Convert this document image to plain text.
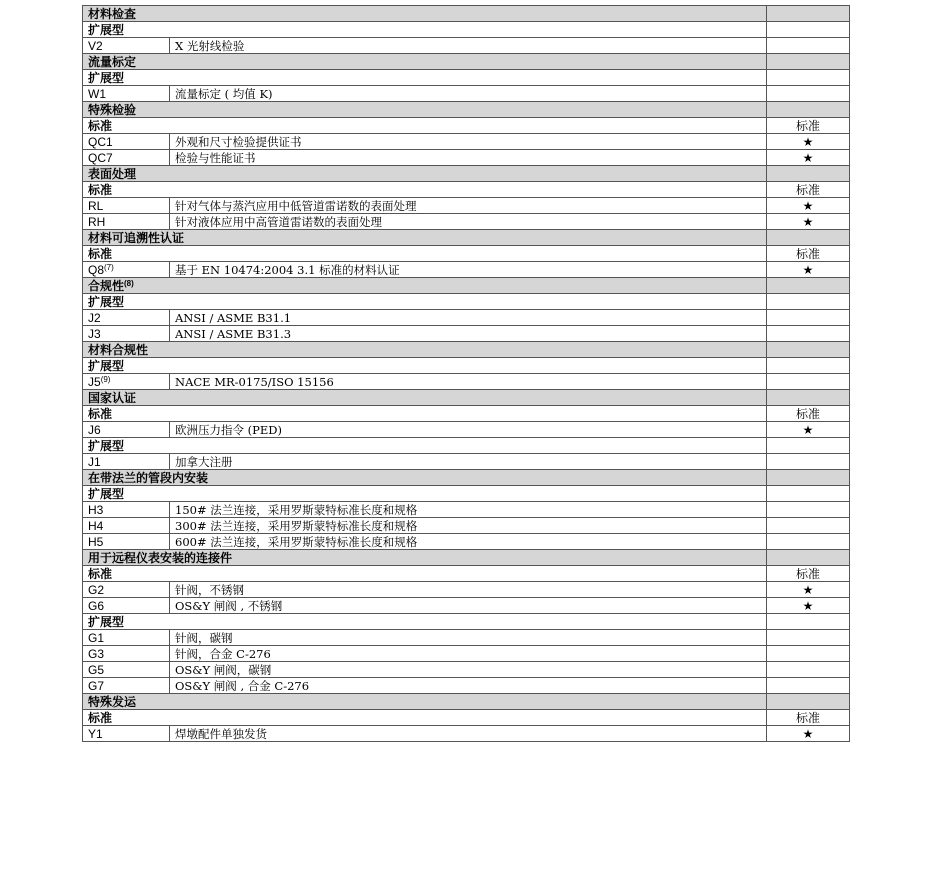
材料检查		
扩展型		
V2	X 光射线检验	
流量标定		
扩展型		
W1	流量标定 ( 均值 K)	
特殊检验		
标准		标准
QC1	外观和尺寸检验提供证书	★
QC7	检验与性能证书	★
表面处理		
标准		标准
RL	针对气体与蒸汽应用中低管道雷诺数的表面处理	★
RH	针对液体应用中高管道雷诺数的表面处理	★
材料可追溯性认证		
标准		标准
Q8$^{(7)}$	基于 EN 10474:2004 3.1 标准的材料认证	★
合规性$^{(8)}$	
扩展型		
J2	ANSI / ASME B31.1	
J3	ANSI / ASME B31.3	
材料合规性		
扩展型		
J5$^{(9)}$	NACE MR-0175/ISO 15156	
国家认证		
标准		标准
J6	欧洲压力指令 (PED)	★
扩展型		
J1	加拿大注册	
在带法兰的管段内安装		
扩展型		
H3	150# 法兰连接，采用罗斯蒙特标准长度和规格	
H4	300# 法兰连接，采用罗斯蒙特标准长度和规格	
H5	600# 法兰连接，采用罗斯蒙特标准长度和规格	
用于远程仪表安装的连接件		
标准		标准
G2	针阀，不锈钢	★
G6	OS&Y 闸阀 , 不锈钢	★
扩展型		
G1	针阀，碳钢	
G3	针阀，合金 C-276	
G5	OS&Y 闸阀，碳钢	
G7	OS&Y 闸阀 , 合金 C-276	
特殊发运		
标准		标准
Y1	焊墩配件单独发货	★
